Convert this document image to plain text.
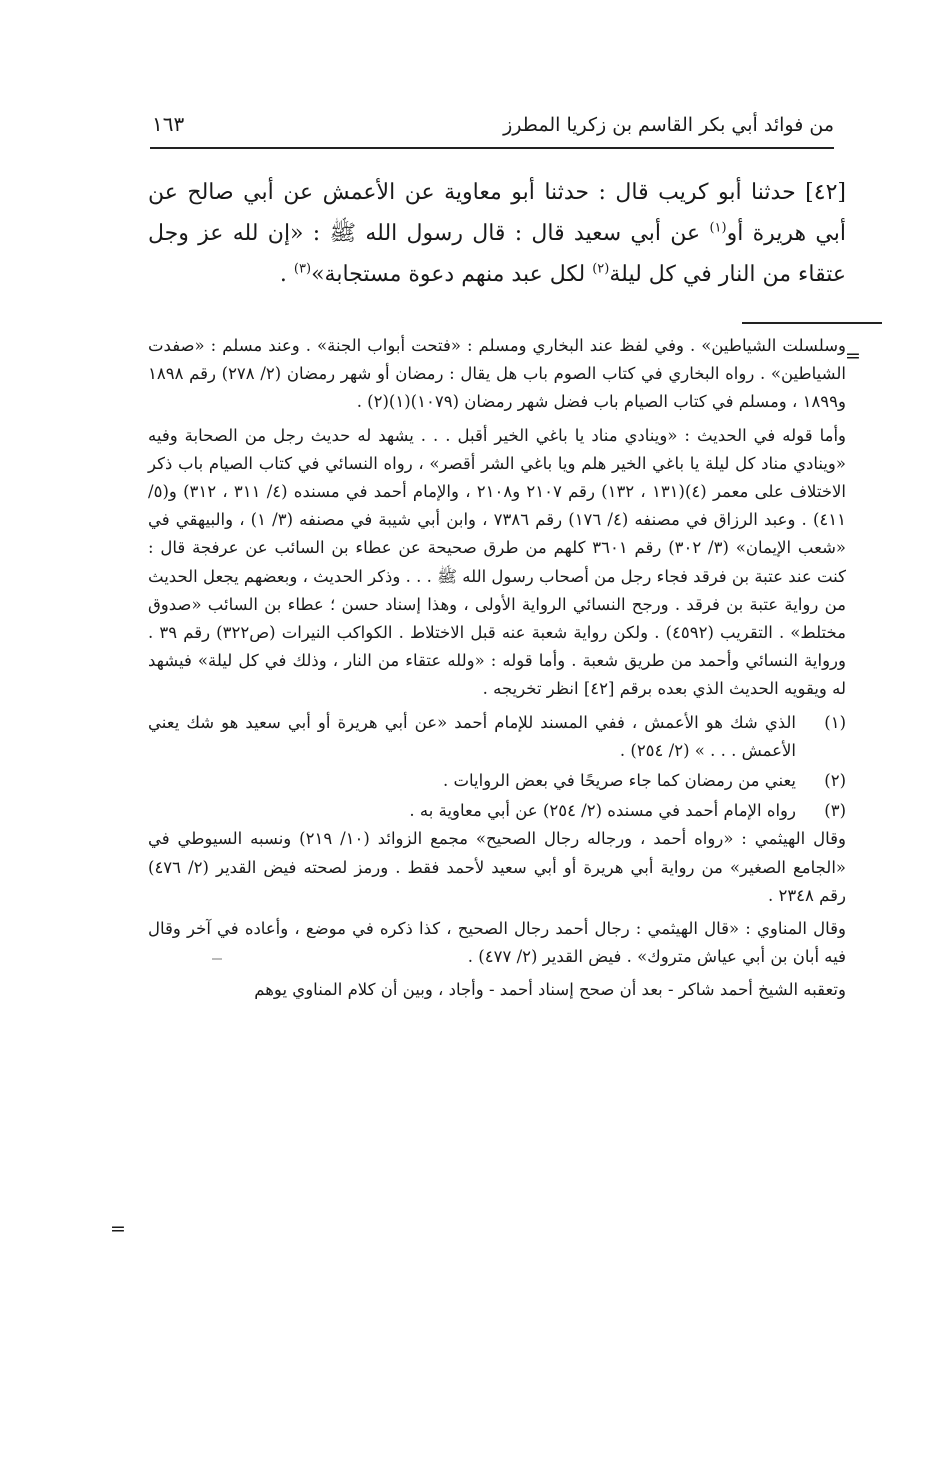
من فوائد أبي بكر القاسم بن زكريا المطرز
١٦٣

[٤٢] حدثنا أبو كريب قال : حدثنا أبو معاوية عن الأعمش عن أبي صالح عن أبي هريرة أو$^{(١)}$ عن أبي سعيد قال : قال رسول الله ﷺ : «إن لله عز وجل عتقاء من النار في كل ليلة$^{(٢)}$ لكل عبد منهم دعوة مستجابة»$^{(٣)}$ .

=

وسلسلت الشياطين» . وفي لفظ عند البخاري ومسلم : «فتحت أبواب الجنة» . وعند مسلم : «صفدت الشياطين» . رواه البخاري في كتاب الصوم باب هل يقال : رمضان أو شهر رمضان (٢/ ٢٧٨) رقم ١٨٩٨ و١٨٩٩ ، ومسلم في كتاب الصيام باب فضل شهر رمضان (١٠٧٩)(١)(٢) .

وأما قوله في الحديث : «وينادي مناد يا باغي الخير أقبل . . . يشهد له حديث رجل من الصحابة وفيه «وينادي مناد كل ليلة يا باغي الخير هلم ويا باغي الشر أقصر» ، رواه النسائي في كتاب الصيام باب ذكر الاختلاف على معمر (٤)(١٣١ ، ١٣٢) رقم ٢١٠٧ و٢١٠٨ ، والإمام أحمد في مسنده (٤/ ٣١١ ، ٣١٢) و(٥/ ٤١١) . وعبد الرزاق في مصنفه (٤/ ١٧٦) رقم ٧٣٨٦ ، وابن أبي شيبة في مصنفه (٣/ ١) ، والبيهقي في «شعب الإيمان» (٣/ ٣٠٢) رقم ٣٦٠١ كلهم من طرق صحيحة عن عطاء بن السائب عن عرفجة قال : كنت عند عتبة بن فرقد فجاء رجل من أصحاب رسول الله ﷺ . . . وذكر الحديث ، وبعضهم يجعل الحديث من رواية عتبة بن فرقد . ورجح النسائي الرواية الأولى ، وهذا إسناد حسن ؛ عطاء بن السائب «صدوق مختلط» . التقريب (٤٥٩٢) . ولكن رواية شعبة عنه قبل الاختلاط . الكواكب النيرات (ص٣٢٢) رقم ٣٩ . ورواية النسائي وأحمد من طريق شعبة . وأما قوله : «ولله عتقاء من النار ، وذلك في كل ليلة» فيشهد له ويقويه الحديث الذي بعده برقم [٤٢] انظر تخريجه .

(١)
الذي شك هو الأعمش ، ففي المسند للإمام أحمد «عن أبي هريرة أو أبي سعيد هو شك يعني الأعمش . . . » (٢/ ٢٥٤) .
(٢)
يعني من رمضان كما جاء صريحًا في بعض الروايات .
(٣)
رواه الإمام أحمد في مسنده (٢/ ٢٥٤) عن أبي معاوية به .

وقال الهيثمي : «رواه أحمد ، ورجاله رجال الصحيح» مجمع الزوائد (١٠/ ٢١٩) ونسبه السيوطي في «الجامع الصغير» من رواية أبي هريرة أو أبي سعيد لأحمد فقط . ورمز لصحته فيض القدير (٢/ ٤٧٦) رقم ٢٣٤٨ .

وقال المناوي : «قال الهيثمي : رجال أحمد رجال الصحيح ، كذا ذكره في موضع ، وأعاده في آخر وقال فيه أبان بن أبي عياش متروك» . فيض القدير (٢/ ٤٧٧) .

وتعقبه الشيخ أحمد شاكر - بعد أن صحح إسناد أحمد - وأجاد ، وبين أن كلام المناوي يوهم

=
